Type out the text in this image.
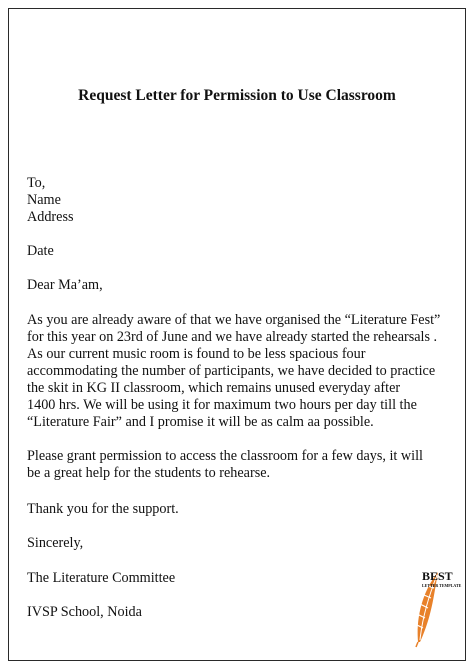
Request Letter for Permission to Use Classroom
To,
Name
Address
Date
Dear Ma’am,
As you are already aware of that we have organised the “Literature Fest”
for this year on 23rd of June and we have already started the rehearsals .
As our current music room is found to be less spacious four
accommodating the number of participants, we have decided to practice
the skit in KG II classroom, which remains unused everyday after
1400 hrs. We will be using it for maximum two hours per day till the
“Literature Fair” and I promise it will be as calm aa possible.
Please grant permission to access the classroom for a few days, it will
be a great help for the students to rehearse.
Thank you for the support.
Sincerely,
The Literature Committee
IVSP School, Noida
BEST
LETTER TEMPLATE
